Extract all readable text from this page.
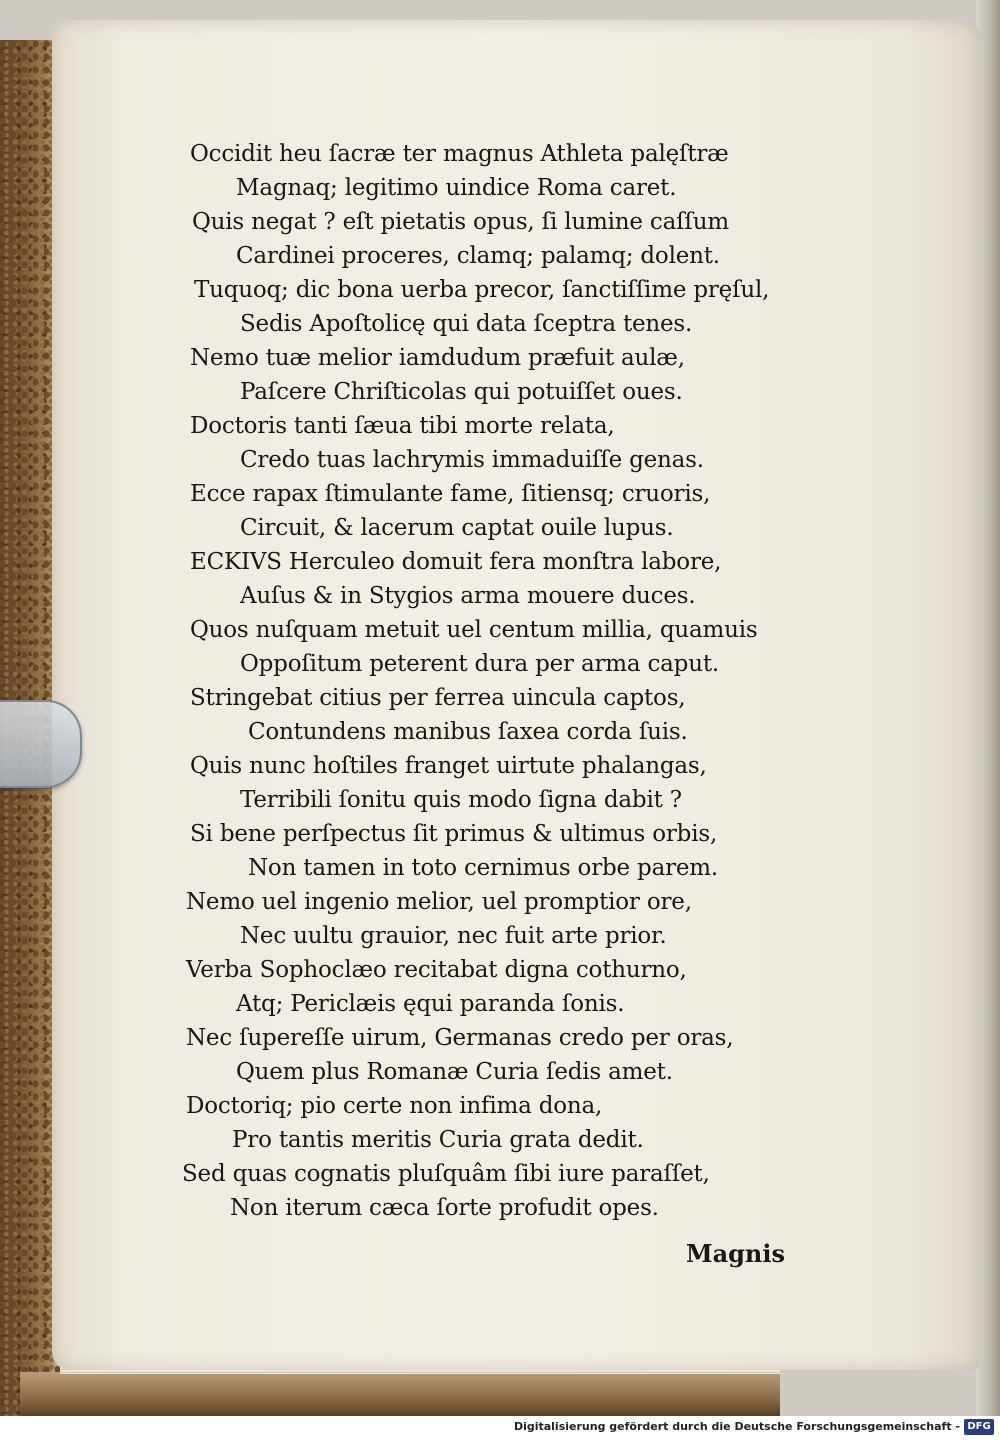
Occidit heu ſacræ ter magnus Athleta palęſtræ
Magnaq; legitimo uindice Roma caret.
Quis negat ? eſt pietatis opus, ſi lumine caſſum
Cardinei proceres, clamq; palamq; dolent.
Tuquoq; dic bona uerba precor, ſanctiſſime pręſul,
Sedis Apoſtolicę qui data ſceptra tenes.
Nemo tuæ melior iamdudum præfuit aulæ,
Paſcere Chriſticolas qui potuiſſet oues.
Doctoris tanti ſæua tibi morte relata,
Credo tuas lachrymis immaduiſſe genas.
Ecce rapax ſtimulante fame, ſitiensq; cruoris,
Circuit, & lacerum captat ouile lupus.
ECKIVS Herculeo domuit fera monſtra labore,
Auſus & in Stygios arma mouere duces.
Quos nuſquam metuit uel centum millia, quamuis
Oppoſitum peterent dura per arma caput.
Stringebat citius per ferrea uincula captos,
Contundens manibus ſaxea corda ſuis.
Quis nunc hoſtiles franget uirtute phalangas,
Terribili ſonitu quis modo ſigna dabit ?
Si bene perſpectus ſit primus & ultimus orbis,
Non tamen in toto cernimus orbe parem.
Nemo uel ingenio melior, uel promptior ore,
Nec uultu grauior, nec fuit arte prior.
Verba Sophoclæo recitabat digna cothurno,
Atq; Periclæis ęqui paranda ſonis.
Nec ſupereſſe uirum, Germanas credo per oras,
Quem plus Romanæ Curia ſedis amet.
Doctoriq; pio certe non infima dona,
Pro tantis meritis Curia grata dedit.
Sed quas cognatis pluſquâm ſibi iure paraſſet,
Non iterum cæca ſorte profudit opes.
Magnis
Digitalisierung gefördert durch die Deutsche Forschungsgemeinschaft - DFG
